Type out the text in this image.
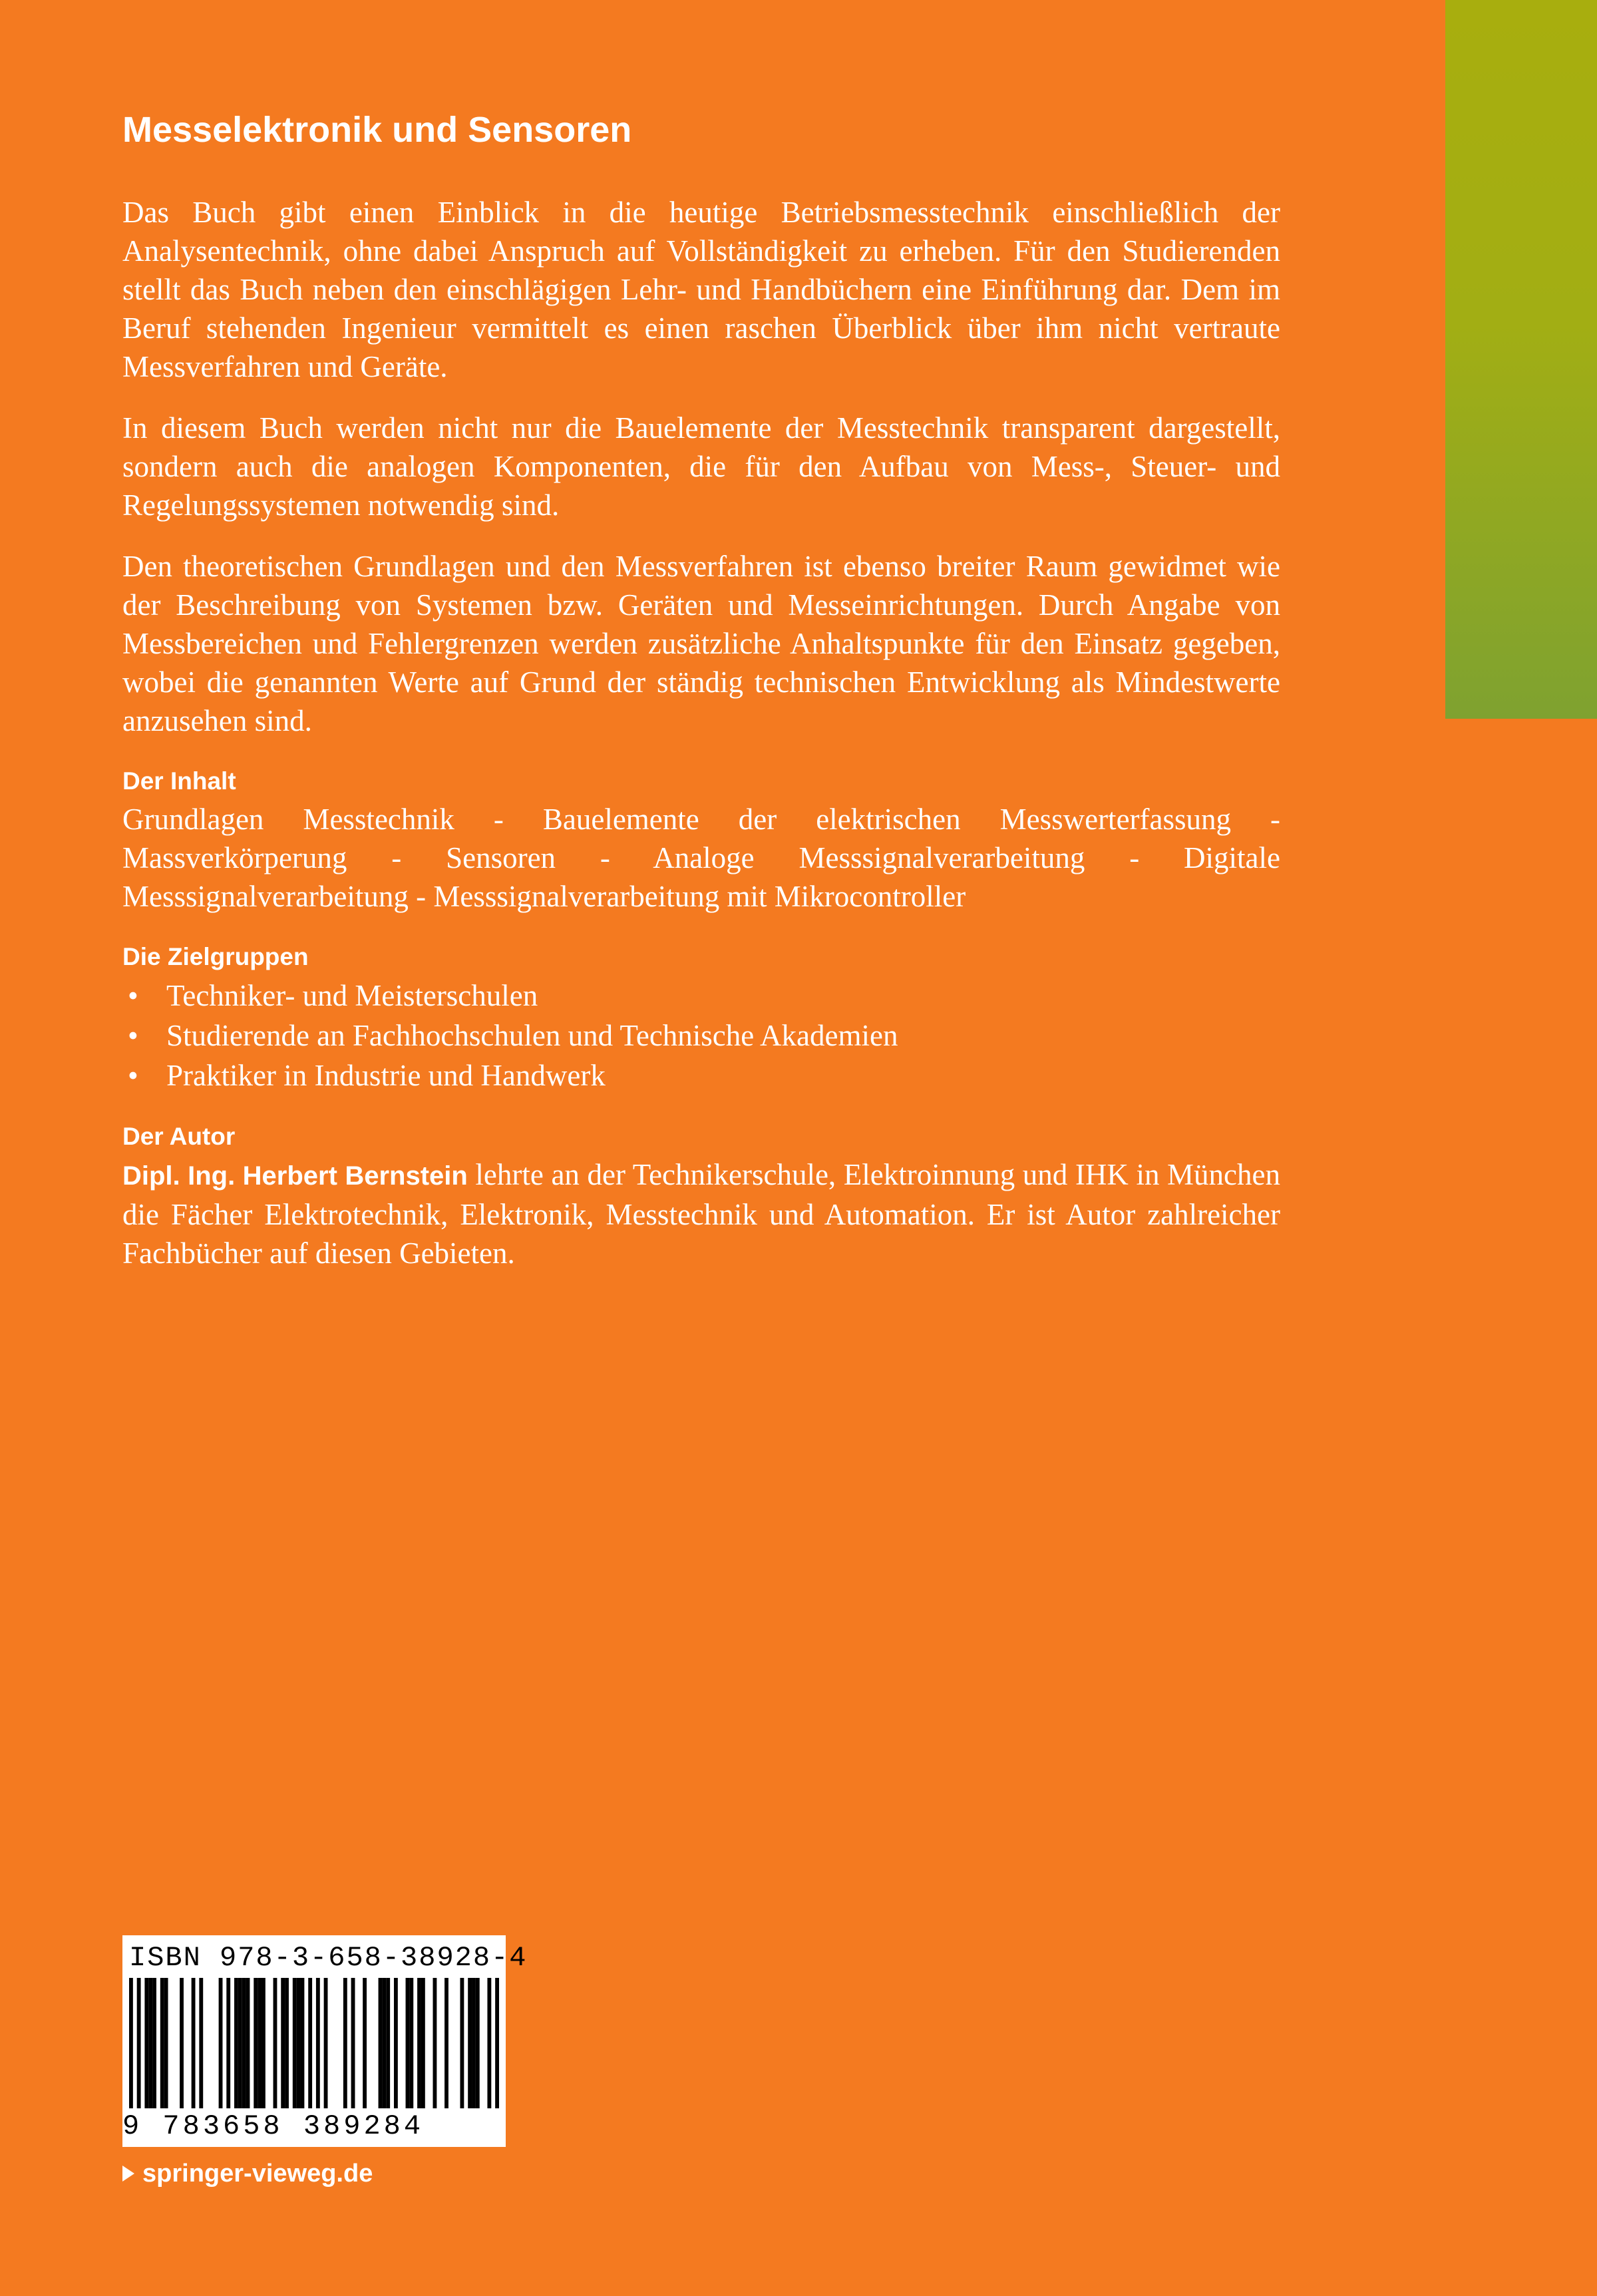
Messelektronik und Sensoren

Das Buch gibt einen Einblick in die heutige Betriebsmesstechnik einschließlich der Analysentechnik, ohne dabei Anspruch auf Vollständigkeit zu erheben. Für den Studierenden stellt das Buch neben den einschlägigen Lehr- und Handbüchern eine Einführung dar. Dem im Beruf stehenden Ingenieur vermittelt es einen raschen Überblick über ihm nicht vertraute Messverfahren und Geräte.

In diesem Buch werden nicht nur die Bauelemente der Messtechnik transparent dargestellt, sondern auch die analogen Komponenten, die für den Aufbau von Mess-, Steuer- und Regelungssystemen notwendig sind.

Den theoretischen Grundlagen und den Messverfahren ist ebenso breiter Raum gewidmet wie der Beschreibung von Systemen bzw. Geräten und Messeinrichtungen. Durch Angabe von Messbereichen und Fehlergrenzen werden zusätzliche Anhaltspunkte für den Einsatz gegeben, wobei die genannten Werte auf Grund der ständig technischen Entwicklung als Mindestwerte anzusehen sind.

Der Inhalt

Grundlagen Messtechnik - Bauelemente der elektrischen Messwerterfassung - Massverkörperung - Sensoren - Analoge Messsignalverarbeitung - Digitale Messsignalverarbeitung - Messsignalverarbeitung mit Mikrocontroller

Die Zielgruppen
• Techniker- und Meisterschulen
• Studierende an Fachhochschulen und Technische Akademien
• Praktiker in Industrie und Handwerk
Der Autor

Dipl. Ing. Herbert Bernstein lehrte an der Technikerschule, Elektroinnung und IHK in München die Fächer Elektrotechnik, Elektronik, Messtechnik und Automation. Er ist Autor zahlreicher Fachbücher auf diesen Gebieten.

ISBN 978-3-658-38928-4
9 783658 389284
springer-vieweg.de
